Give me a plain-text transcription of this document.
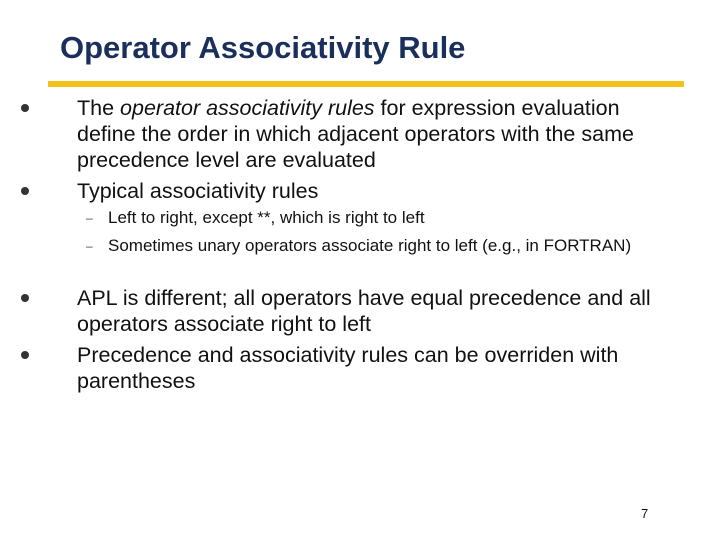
Operator Associativity Rule
The operator associativity rules for expression evaluation define the order in which adjacent operators with the same precedence level are evaluated
Typical associativity rules
– Left to right, except **, which is right to left
– Sometimes unary operators associate right to left (e.g., in FORTRAN)
APL is different; all operators have equal precedence and all operators associate right to left
Precedence and associativity rules can be overriden with parentheses
7
